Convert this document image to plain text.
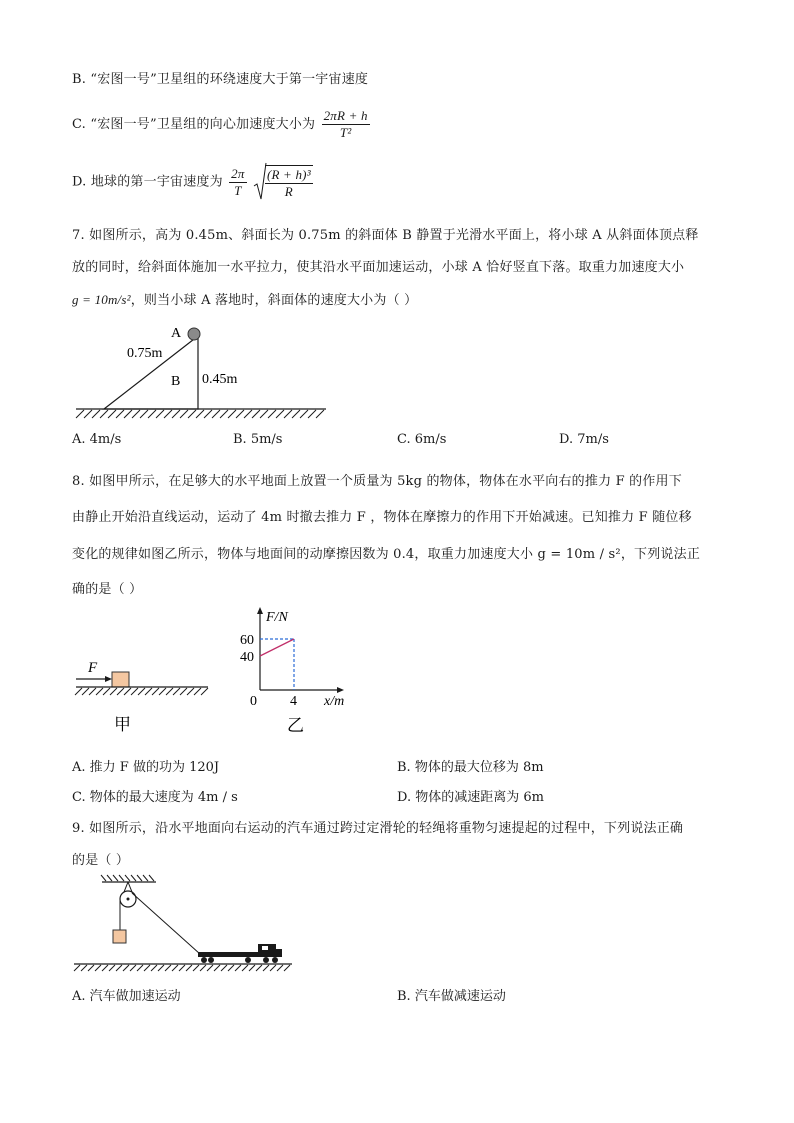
B. “宏图一号”卫星组的环绕速度大于第一宇宙速度
C. “宏图一号”卫星组的向心加速度大小为 $\frac{2\pi R + h}{\text{T²}}$
D. 地球的第一宇宙速度为 $\frac{2\pi}{T}$
$\frac{\text{(R + h)³}}{R}$
7. 如图所示，高为 0.45m、斜面长为 0.75m 的斜面体 B 静置于光滑水平面上，将小球 A 从斜面体顶点释
放的同时，给斜面体施加一水平拉力，使其沿水平面加速运动，小球 A 恰好竖直下落。取重力加速度大小
g = 10m/s²，则当小球 A 落地时，斜面体的速度大小为（ ）
A
0.75m
B 0.45m
A. 4m/s	B. 5m/s	C. 6m/s	D. 7m/s
8. 如图甲所示，在足够大的水平地面上放置一个质量为 5kg 的物体，物体在水平向右的推力 F 的作用下
由静止开始沿直线运动，运动了 4m 时撤去推力 F ，物体在摩擦力的作用下开始减速。已知推力 F 随位移
变化的规律如图乙所示，物体与地面间的动摩擦因数为 0.4，取重力加速度大小 g = 10m / s²，下列说法正
确的是（ ）
F
甲
60
40
0 4
F/N
x/m
乙
A. 推力 F 做的功为 120J	B. 物体的最大位移为 8m
C. 物体的最大速度为 4m / s	D. 物体的减速距离为 6m
9. 如图所示，沿水平地面向右运动的汽车通过跨过定滑轮的轻绳将重物匀速提起的过程中，下列说法正确
的是（ ）
A. 汽车做加速运动	B. 汽车做减速运动
